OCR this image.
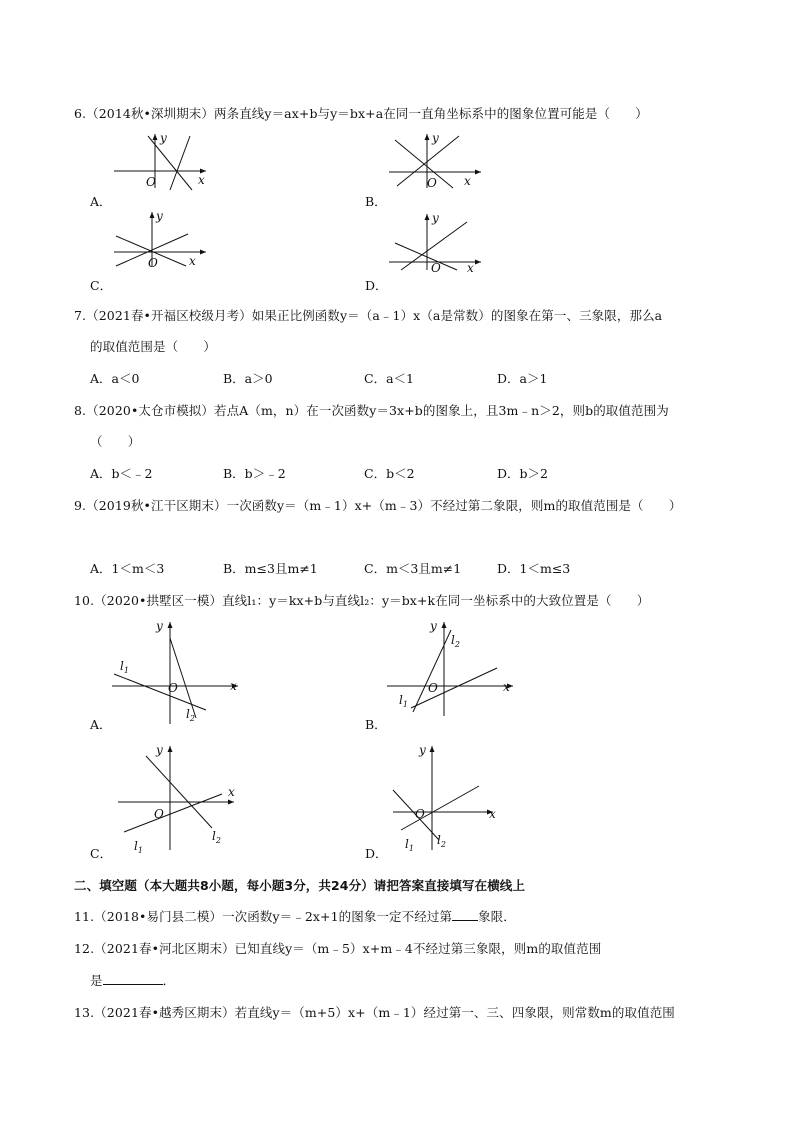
6.（2014秋•深圳期末）两条直线y＝ax+b与y＝bx+a在同一直角坐标系中的图象位置可能是（　　）
y
O	x
A．
y
O x
B．
y
O	x
C．
y
O x
D．
7.（2021春•开福区校级月考）如果正比例函数y＝（a﹣1）x（a是常数）的图象在第一、三象限，那么a
的取值范围是（　　）
A．a＜0	B．a＞0	C．a＜1	D．a＞1
8.（2020•太仓市模拟）若点A（m，n）在一次函数y＝3x+b的图象上，且3m﹣n＞2，则b的取值范围为
（　　）
A．b＜﹣2	B．b＞﹣2	C．b＜2	D．b＞2
9.（2019秋•江干区期末）一次函数y＝（m﹣1）x+（m﹣3）不经过第二象限，则m的取值范围是（　　）
A．1＜m＜3	B．m≤3且m≠1	C．m＜3且m≠1	D．1＜m≤3
10.（2020•拱墅区一模）直线l₁：y＝kx+b与直线l₂：y＝bx+k在同一坐标系中的大致位置是（　　）
y
x
O
$l_1$
$l_2$
A．
y
x
O
$l_2$
$l_1$
B．
y
x
O
$l_2$
$l_1$
C．
y
x
O
$l_1$
$l_2$
D．
二、填空题（本大题共8小题，每小题3分，共24分）请把答案直接填写在横线上
11.（2018•易门县二模）一次函数y＝﹣2x+1的图象一定不经过第 象限．
12.（2021春•河北区期末）已知直线y＝（m﹣5）x+m﹣4不经过第三象限，则m的取值范围
是	．
13.（2021春•越秀区期末）若直线y＝（m+5）x+（m﹣1）经过第一、三、四象限，则常数m的取值范围
